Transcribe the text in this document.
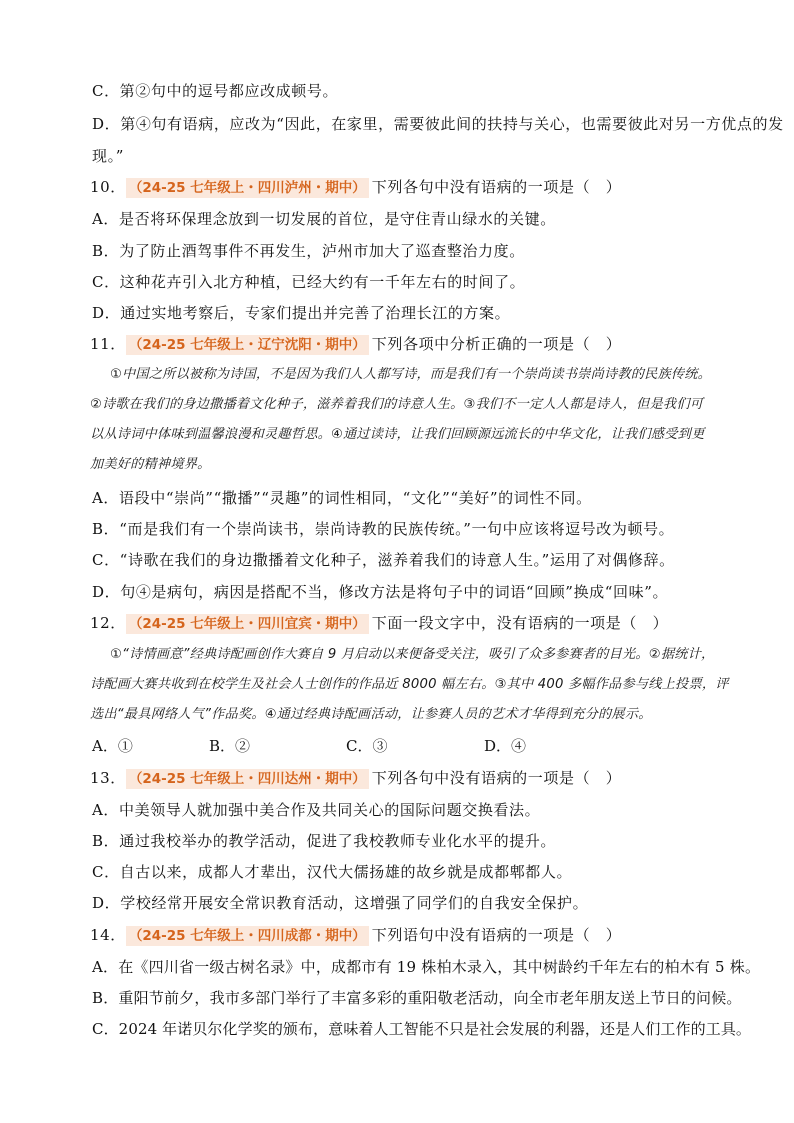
C．第②句中的逗号都应改成顿号。
D．第④句有语病，应改为“因此，在家里，需要彼此间的扶持与关心，也需要彼此对另一方优点的发
现。”
10． （24-25 七年级上・四川泸州・期中） 下列各句中没有语病的一项是（　）
A．是否将环保理念放到一切发展的首位，是守住青山绿水的关键。
B．为了防止酒驾事件不再发生，泸州市加大了巡查整治力度。
C．这种花卉引入北方种植，已经大约有一千年左右的时间了。
D．通过实地考察后，专家们提出并完善了治理长江的方案。
11． （24-25 七年级上・辽宁沈阳・期中） 下列各项中分析正确的一项是（　）
①中国之所以被称为诗国，不是因为我们人人都写诗，而是我们有一个崇尚读书崇尚诗教的民族传统。
②诗歌在我们的身边撒播着文化种子，滋养着我们的诗意人生。③我们不一定人人都是诗人，但是我们可
以从诗词中体味到温馨浪漫和灵趣哲思。④通过读诗，让我们回顾源远流长的中华文化，让我们感受到更
加美好的精神境界。
A．语段中“崇尚”“撒播”“灵趣”的词性相同，“文化”“美好”的词性不同。
B．“而是我们有一个崇尚读书，崇尚诗教的民族传统。”一句中应该将逗号改为顿号。
C．“诗歌在我们的身边撒播着文化种子，滋养着我们的诗意人生。”运用了对偶修辞。
D．句④是病句，病因是搭配不当，修改方法是将句子中的词语“回顾”换成“回味”。
12． （24-25 七年级上・四川宜宾・期中） 下面一段文字中，没有语病的一项是（　）
①“诗情画意”经典诗配画创作大赛自 9 月启动以来便备受关注，吸引了众多参赛者的目光。②据统计，
诗配画大赛共收到在校学生及社会人士创作的作品近 8000 幅左右。③其中 400 多幅作品参与线上投票，评
选出“最具网络人气”作品奖。④通过经典诗配画活动，让参赛人员的艺术才华得到充分的展示。
A．①	B．②	C．③	D．④
13． （24-25 七年级上・四川达州・期中） 下列各句中没有语病的一项是（　）
A．中美领导人就加强中美合作及共同关心的国际问题交换看法。
B．通过我校举办的教学活动，促进了我校教师专业化水平的提升。
C．自古以来，成都人才辈出，汉代大儒扬雄的故乡就是成都郫都人。
D．学校经常开展安全常识教育活动，这增强了同学们的自我安全保护。
14． （24-25 七年级上・四川成都・期中） 下列语句中没有语病的一项是（　）
A．在《四川省一级古树名录》中，成都市有 19 株柏木录入，其中树龄约千年左右的柏木有 5 株。
B．重阳节前夕，我市多部门举行了丰富多彩的重阳敬老活动，向全市老年朋友送上节日的问候。
C．2024 年诺贝尔化学奖的颁布，意味着人工智能不只是社会发展的利器，还是人们工作的工具。
